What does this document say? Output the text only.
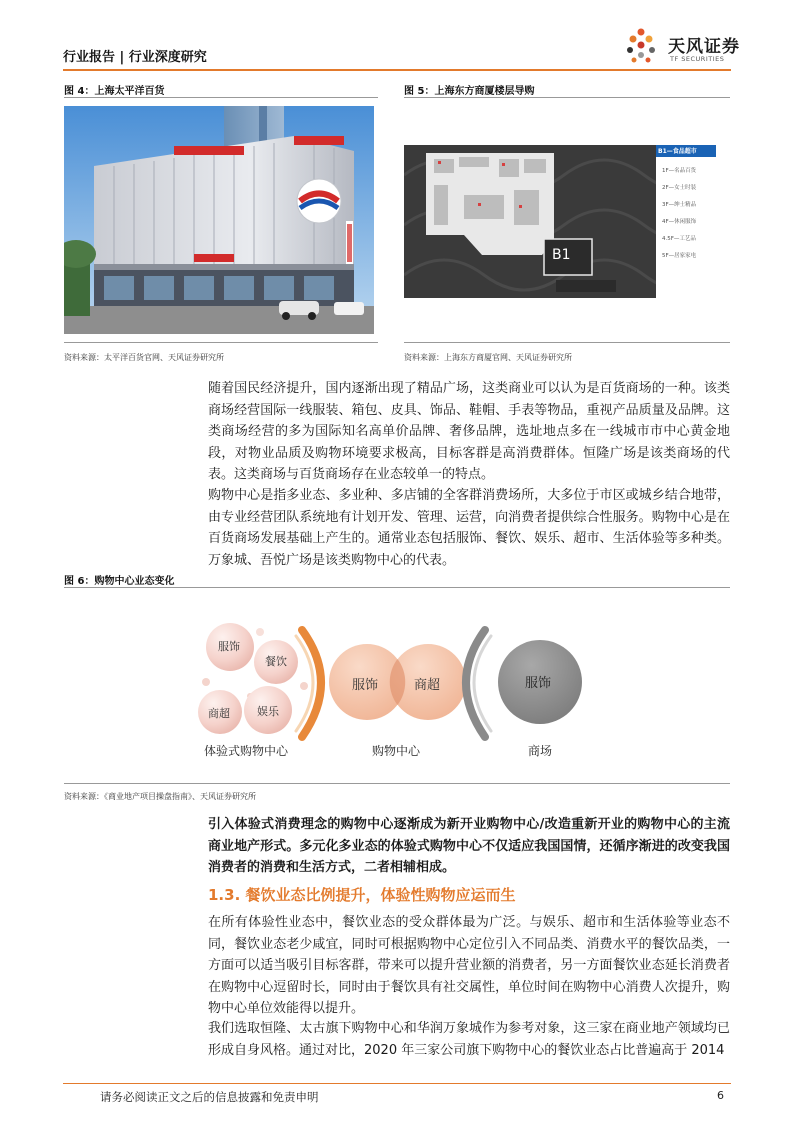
行业报告 | 行业深度研究
天风证券
TF SECURITIES
图 4：上海太平洋百货
资料来源：太平洋百货官网、天风证券研究所
图 5：上海东方商厦楼层导购
B1
B1—食品超市
1F—名品百货
2F—女士时装
3F—绅士精品
4F—休闲服饰
4.5F—工艺品
5F—居家家电
资料来源：上海东方商厦官网、天风证券研究所
随着国民经济提升，国内逐渐出现了精品广场，这类商业可以认为是百货商场的一种。该类商场经营国际一线服装、箱包、皮具、饰品、鞋帽、手表等物品，重视产品质量及品牌。这类商场经营的多为国际知名高单价品牌、奢侈品牌，选址地点多在一线城市市中心黄金地段，对物业品质及购物环境要求极高，目标客群是高消费群体。恒隆广场是该类商场的代表。这类商场与百货商场存在业态较单一的特点。
购物中心是指多业态、多业种、多店铺的全客群消费场所，大多位于市区或城乡结合地带，由专业经营团队系统地有计划开发、管理、运营，向消费者提供综合性服务。购物中心是在百货商场发展基础上产生的。通常业态包括服饰、餐饮、娱乐、超市、生活体验等多种类。万象城、吾悦广场是该类购物中心的代表。
图 6：购物中心业态变化
服饰
餐饮
商超 娱乐
体验式购物中心
服饰	商超
购物中心
服饰
商场
资料来源：《商业地产项目操盘指南》、天风证券研究所
引入体验式消费理念的购物中心逐渐成为新开业购物中心/改造重新开业的购物中心的主流商业地产形式。多元化多业态的体验式购物中心不仅适应我国国情，还循序渐进的改变我国消费者的消费和生活方式，二者相辅相成。
1.3. 餐饮业态比例提升，体验性购物应运而生
在所有体验性业态中，餐饮业态的受众群体最为广泛。与娱乐、超市和生活体验等业态不同，餐饮业态老少咸宜，同时可根据购物中心定位引入不同品类、消费水平的餐饮品类，一方面可以适当吸引目标客群，带来可以提升营业额的消费者，另一方面餐饮业态延长消费者在购物中心逗留时长，同时由于餐饮具有社交属性，单位时间在购物中心消费人次提升，购物中心单位效能得以提升。
我们选取恒隆、太古旗下购物中心和华润万象城作为参考对象，这三家在商业地产领域均已形成自身风格。通过对比，2020 年三家公司旗下购物中心的餐饮业态占比普遍高于 2014
请务必阅读正文之后的信息披露和免责申明	6
